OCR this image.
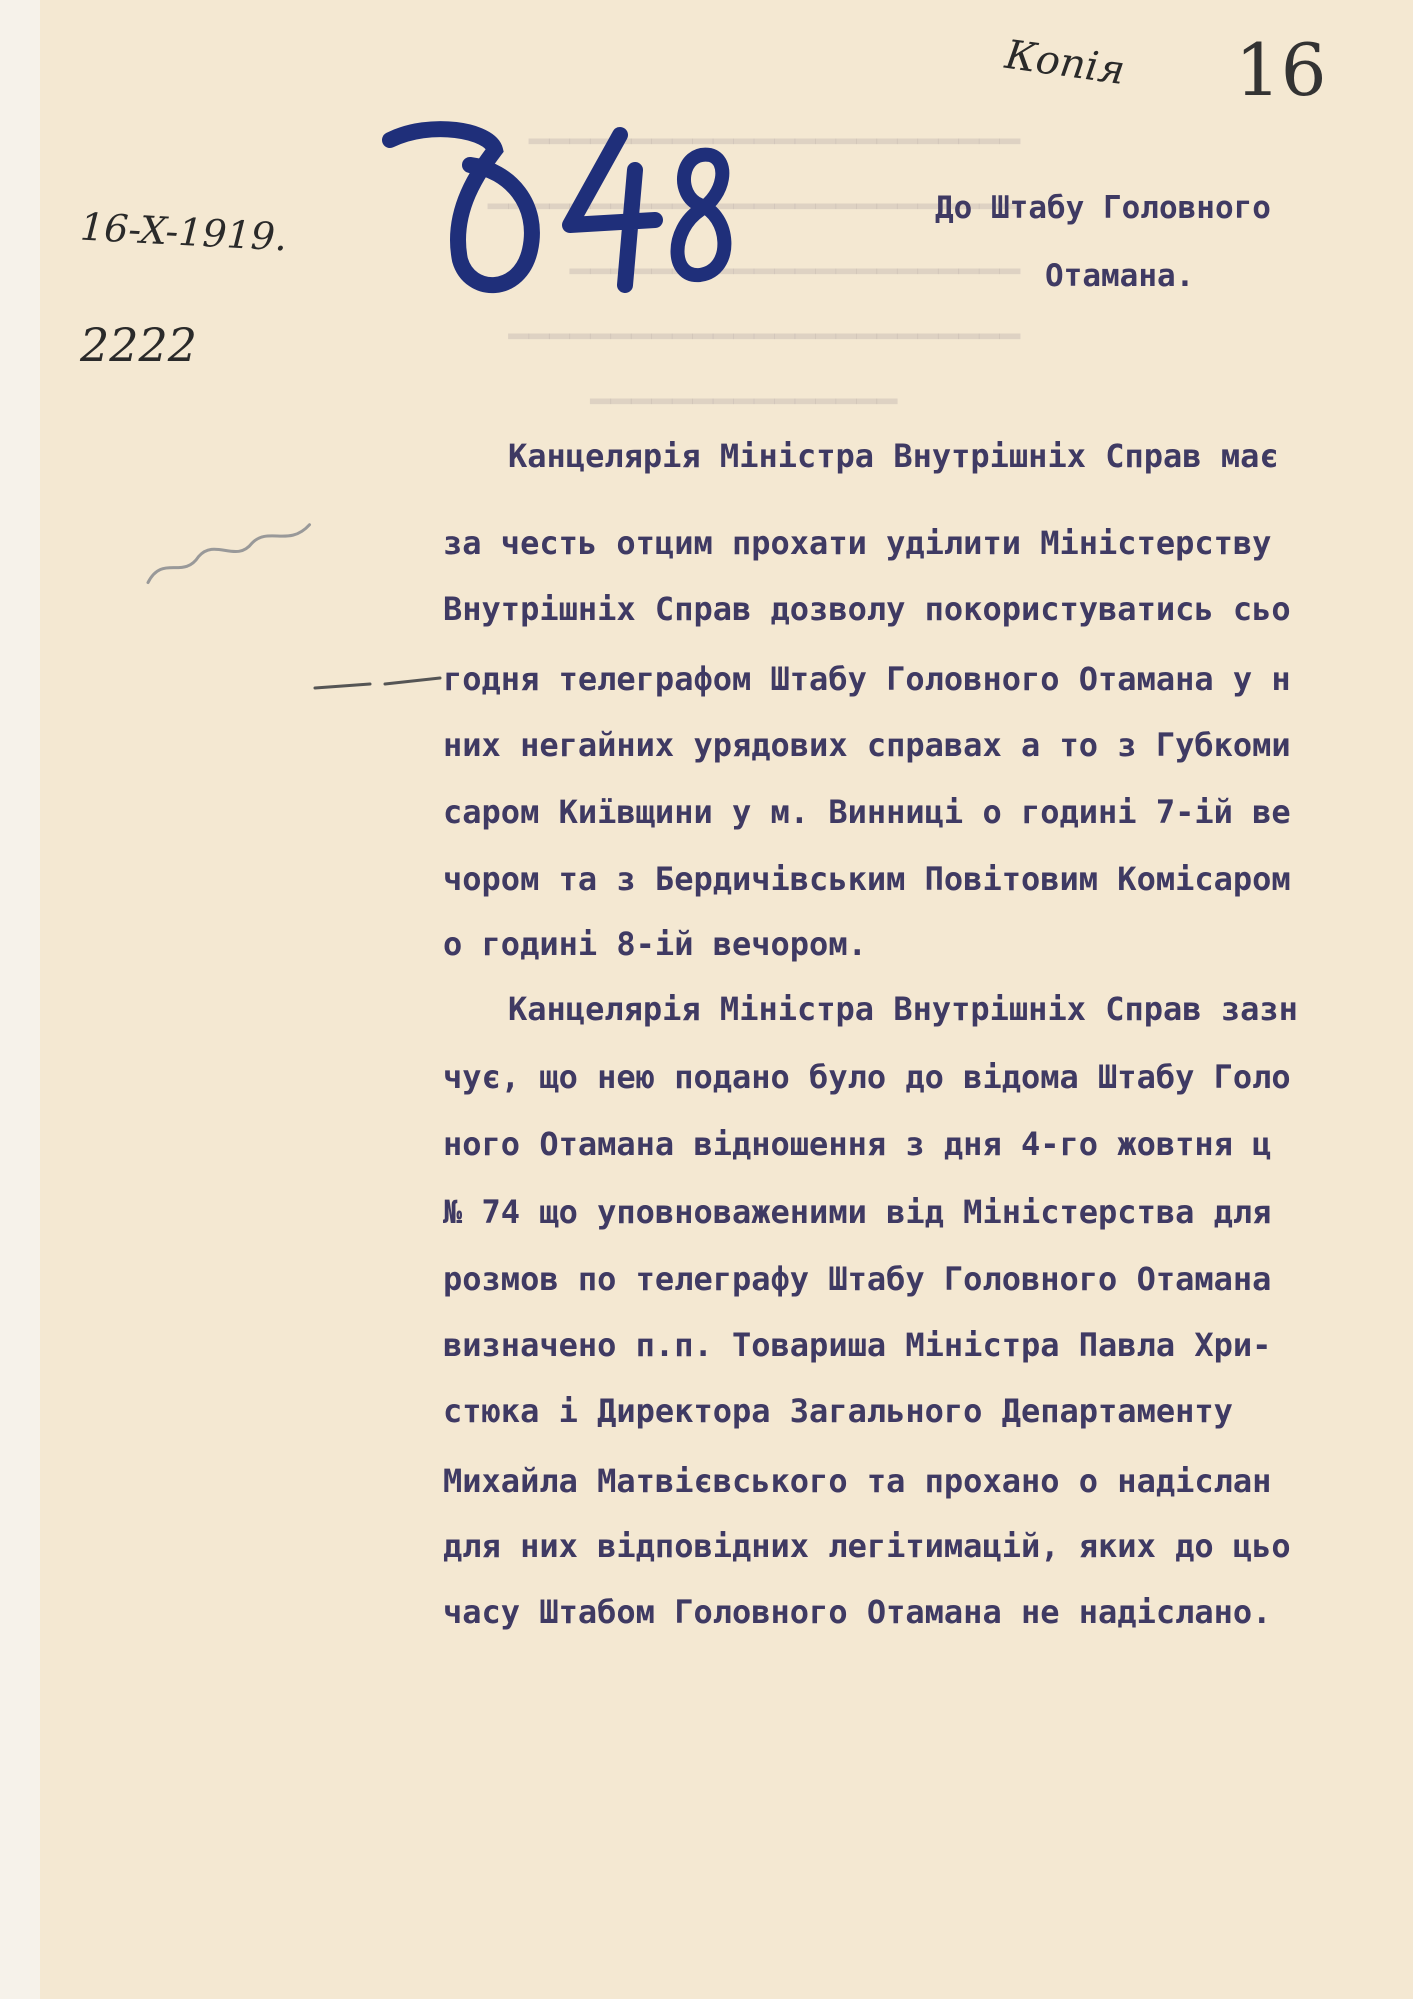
━━━━━━━━━━━━━━━━━━━━━━━━
━━━━━━━━━━━━━━━━━━━━━━━━━━
━━━━━━━━━━━━━━━━━━━━━━
━━━━━━━━━━━━━━━━━━━━━━━━━
━━━━━━━━━━━━━━━
Копія 16
16-X-1919.
2222
До Штабу Головного
Отамана.
Канцелярія Міністра Внутрішніх Справ має
за честь отцим прохати уділити Міністерству
Внутрішніх Справ дозволу покористуватись сьо
годня телеграфом Штабу Головного Отамана у н
них негайних урядових справах а то з Губкоми
саром Київщини у м. Винниці о годині 7-ій ве
чором та з Бердичівським Повітовим Комісаром
о годині 8-ій вечором.
Канцелярія Міністра Внутрішніх Справ зазн
чує, що нею подано було до відома Штабу Голо
ного Отамана відношення з дня 4-го жовтня ц
№ 74 що уповноваженими від Міністерства для
розмов по телеграфу Штабу Головного Отамана
визначено п.п. Товариша Міністра Павла Хри-
стюка і Директора Загального Департаменту
Михайла Матвієвського та прохано о надіслан
для них відповідних легітимацій, яких до цьо
часу Штабом Головного Отамана не надіслано.
